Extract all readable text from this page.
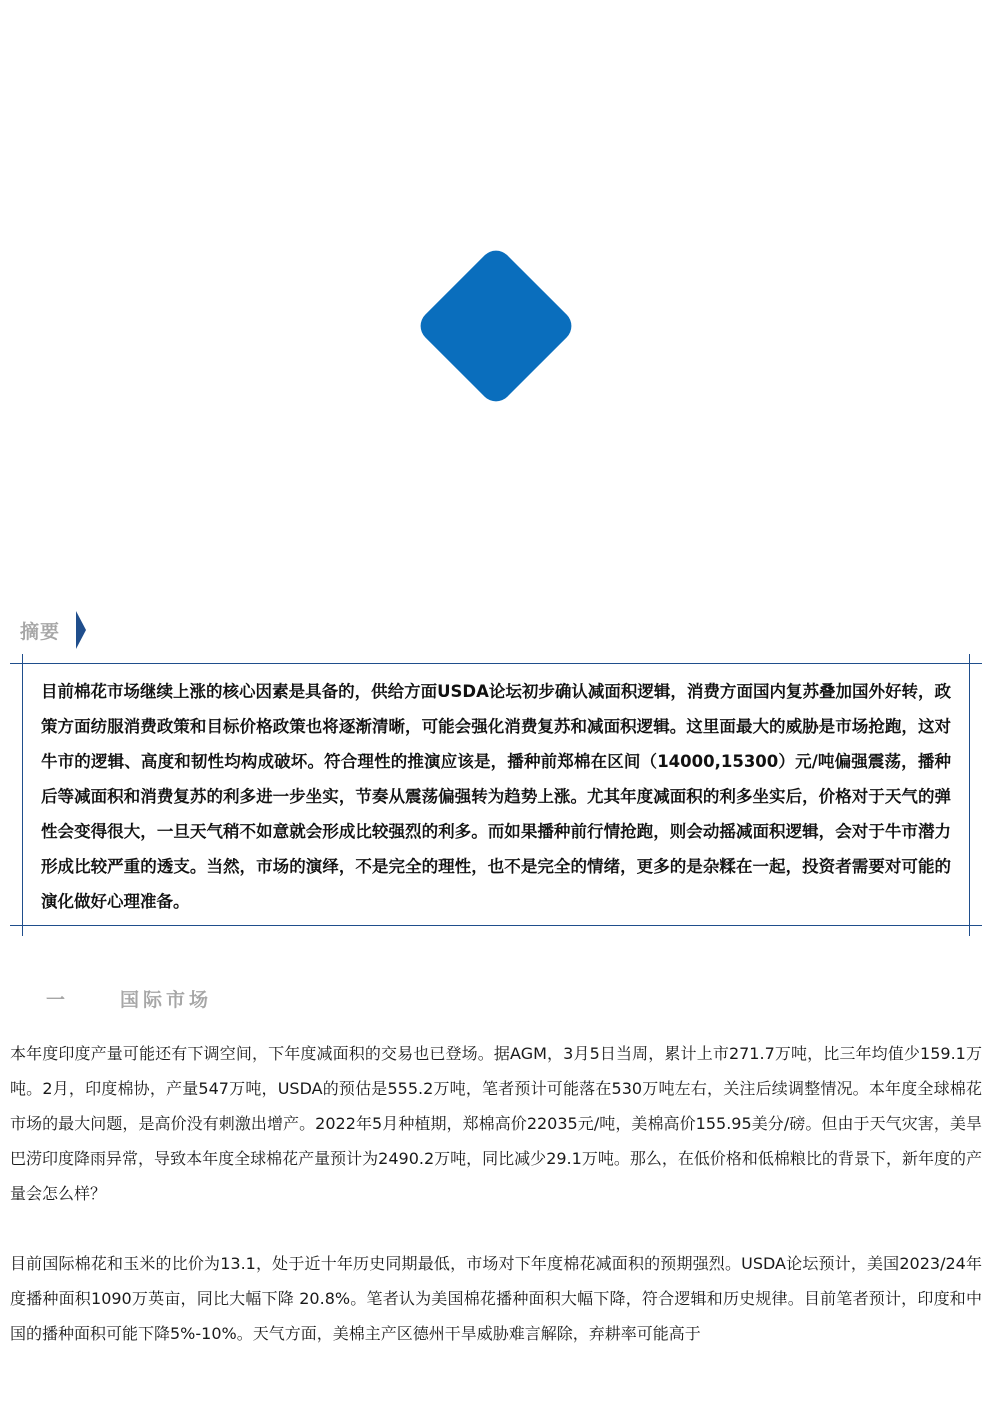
摘要

目前棉花市场继续上涨的核心因素是具备的，供给方面USDA论坛初步确认减面积逻辑，消费方面国内复苏叠加国外好转，政策方面纺服消费政策和目标价格政策也将逐渐清晰，可能会强化消费复苏和减面积逻辑。这里面最大的威胁是市场抢跑，这对牛市的逻辑、高度和韧性均构成破坏。符合理性的推演应该是，播种前郑棉在区间（14000,15300）元/吨偏强震荡，播种后等减面积和消费复苏的利多进一步坐实，节奏从震荡偏强转为趋势上涨。尤其年度减面积的利多坐实后，价格对于天气的弹性会变得很大，一旦天气稍不如意就会形成比较强烈的利多。而如果播种前行情抢跑，则会动摇减面积逻辑，会对于牛市潜力形成比较严重的透支。当然，市场的演绎，不是完全的理性，也不是完全的情绪，更多的是杂糅在一起，投资者需要对可能的演化做好心理准备。

一	国际市场

本年度印度产量可能还有下调空间，下年度减面积的交易也已登场。据AGM，3月5日当周，累计上市271.7万吨，比三年均值少159.1万吨。2月，印度棉协，产量547万吨，USDA的预估是555.2万吨，笔者预计可能落在530万吨左右，关注后续调整情况。本年度全球棉花市场的最大问题，是高价没有刺激出增产。2022年5月种植期，郑棉高价22035元/吨，美棉高价155.95美分/磅。但由于天气灾害，美旱巴涝印度降雨异常，导致本年度全球棉花产量预计为2490.2万吨，同比减少29.1万吨。那么，在低价格和低棉粮比的背景下，新年度的产量会怎么样？

目前国际棉花和玉米的比价为13.1，处于近十年历史同期最低，市场对下年度棉花减面积的预期强烈。USDA论坛预计，美国2023/24年度播种面积1090万英亩，同比大幅下降 20.8%。笔者认为美国棉花播种面积大幅下降，符合逻辑和历史规律。目前笔者预计，印度和中国的播种面积可能下降5%-10%。天气方面，美棉主产区德州干旱威胁难言解除，弃耕率可能高于
